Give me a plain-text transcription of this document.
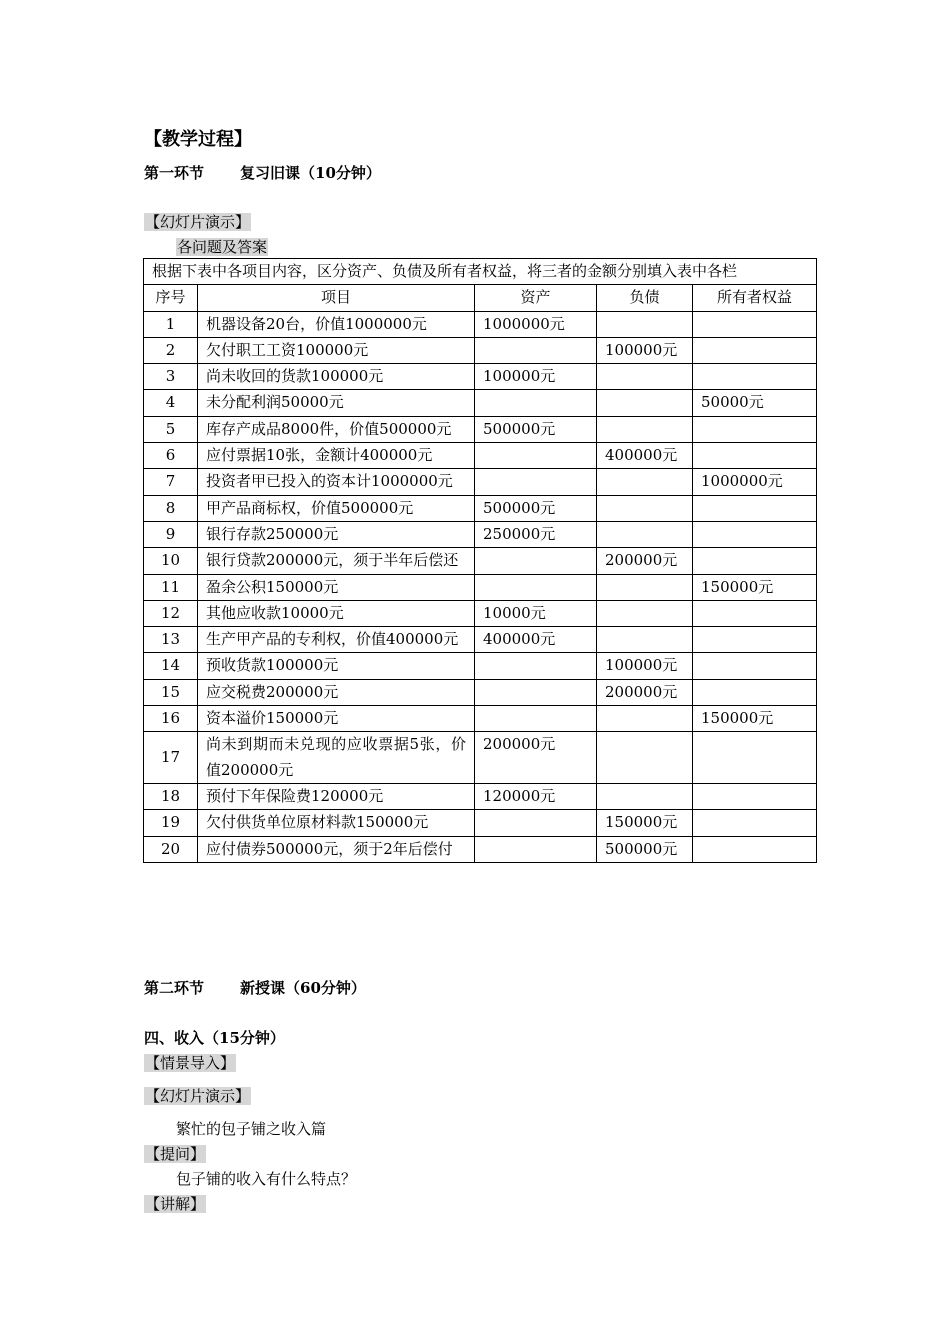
【教学过程】
第一环节 复习旧课（10分钟）
【幻灯片演示】
各问题及答案
根据下表中各项目内容，区分资产、负债及所有者权益，将三者的金额分别填入表中各栏				
序号	项目	资产	负债	所有者权益
1	机器设备20台，价值1000000元	1000000元		
2	欠付职工工资100000元		100000元	
3	尚未收回的货款100000元	100000元		
4	未分配利润50000元			50000元
5	库存产成品8000件，价值500000元	500000元		
6	应付票据10张，金额计400000元		400000元	
7	投资者甲已投入的资本计1000000元			1000000元
8	甲产品商标权，价值500000元	500000元		
9	银行存款250000元	250000元		
10	银行贷款200000元，须于半年后偿还		200000元	
11	盈余公积150000元			150000元
12	其他应收款10000元	10000元		
13	生产甲产品的专利权，价值400000元	400000元		
14	预收货款100000元		100000元	
15	应交税费200000元		200000元	
16	资本溢价150000元			150000元
17	尚未到期而未兑现的应收票据5张，价值200000元	200000元		
18	预付下年保险费120000元	120000元		
19	欠付供货单位原材料款150000元		150000元	
20	应付债券500000元，须于2年后偿付		500000元	
第二环节 新授课（60分钟）
四、收入（15分钟）
【情景导入】
【幻灯片演示】
繁忙的包子铺之收入篇
【提问】
包子铺的收入有什么特点？
【讲解】
